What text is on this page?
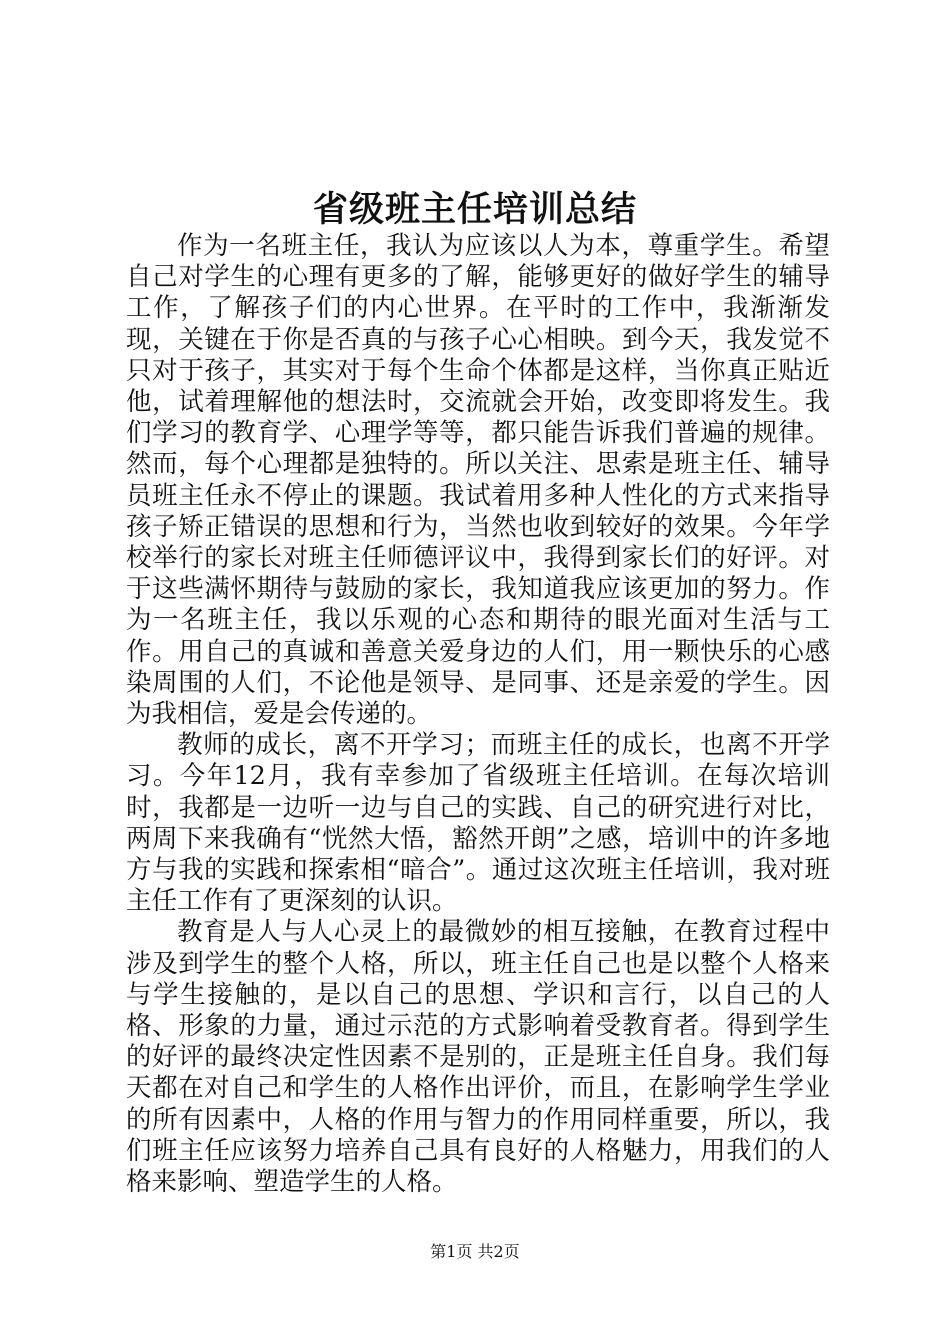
省级班主任培训总结

作为一名班主任，我认为应该以人为本，尊重学生。希望自己对学生的心理有更多的了解，能够更好的做好学生的辅导工作，了解孩子们的内心世界。在平时的工作中，我渐渐发现，关键在于你是否真的与孩子心心相映。到今天，我发觉不只对于孩子，其实对于每个生命个体都是这样，当你真正贴近他，试着理解他的想法时，交流就会开始，改变即将发生。我们学习的教育学、心理学等等，都只能告诉我们普遍的规律。然而，每个心理都是独特的。所以关注、思索是班主任、辅导员班主任永不停止的课题。我试着用多种人性化的方式来指导孩子矫正错误的思想和行为，当然也收到较好的效果。今年学校举行的家长对班主任师德评议中，我得到家长们的好评。对于这些满怀期待与鼓励的家长，我知道我应该更加的努力。作为一名班主任，我以乐观的心态和期待的眼光面对生活与工作。用自己的真诚和善意关爱身边的人们，用一颗快乐的心感染周围的人们，不论他是领导、是同事、还是亲爱的学生。因为我相信，爱是会传递的。

教师的成长，离不开学习；而班主任的成长，也离不开学习。今年12月，我有幸参加了省级班主任培训。在每次培训时，我都是一边听一边与自己的实践、自己的研究进行对比，两周下来我确有“恍然大悟，豁然开朗”之感，培训中的许多地方与我的实践和探索相“暗合”。通过这次班主任培训，我对班主任工作有了更深刻的认识。

教育是人与人心灵上的最微妙的相互接触，在教育过程中涉及到学生的整个人格，所以，班主任自己也是以整个人格来与学生接触的，是以自己的思想、学识和言行，以自己的人格、形象的力量，通过示范的方式影响着受教育者。得到学生的好评的最终决定性因素不是别的，正是班主任自身。我们每天都在对自己和学生的人格作出评价，而且，在影响学生学业的所有因素中，人格的作用与智力的作用同样重要，所以，我们班主任应该努力培养自己具有良好的人格魅力，用我们的人格来影响、塑造学生的人格。

第1页 共2页
